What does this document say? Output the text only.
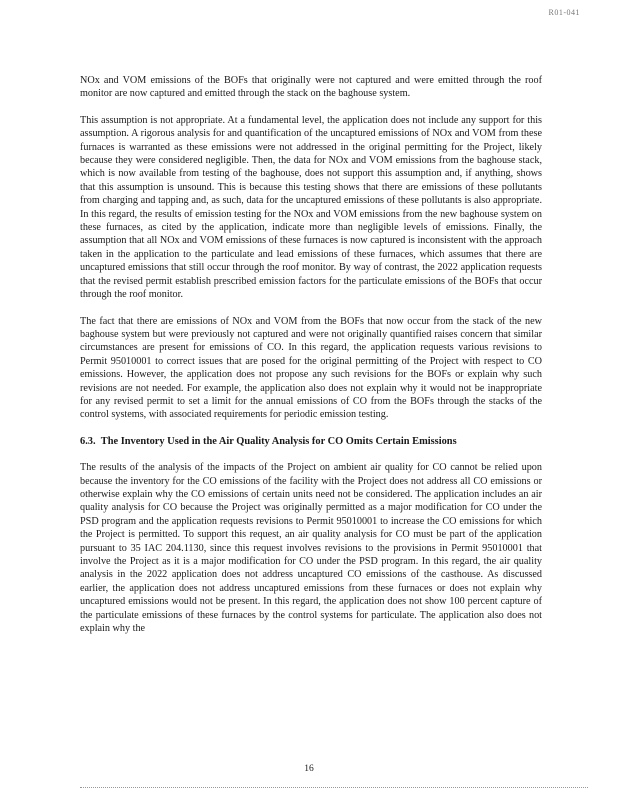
R01-041

NOx and VOM emissions of the BOFs that originally were not captured and were emitted through the roof monitor are now captured and emitted through the stack on the baghouse system.

This assumption is not appropriate. At a fundamental level, the application does not include any support for this assumption. A rigorous analysis for and quantification of the uncaptured emissions of NOx and VOM from these furnaces is warranted as these emissions were not addressed in the original permitting for the Project, likely because they were considered negligible. Then, the data for NOx and VOM emissions from the baghouse stack, which is now available from testing of the baghouse, does not support this assumption and, if anything, shows that this assumption is unsound. This is because this testing shows that there are emissions of these pollutants from charging and tapping and, as such, data for the uncaptured emissions of these pollutants is also appropriate. In this regard, the results of emission testing for the NOx and VOM emissions from the new baghouse system on these furnaces, as cited by the application, indicate more than negligible levels of emissions. Finally, the assumption that all NOx and VOM emissions of these furnaces is now captured is inconsistent with the approach taken in the application to the particulate and lead emissions of these furnaces, which assumes that there are uncaptured emissions that still occur through the roof monitor. By way of contrast, the 2022 application requests that the revised permit establish prescribed emission factors for the particulate emissions of the BOFs that occur through the roof monitor.

The fact that there are emissions of NOx and VOM from the BOFs that now occur from the stack of the new baghouse system but were previously not captured and were not originally quantified raises concern that similar circumstances are present for emissions of CO. In this regard, the application requests various revisions to Permit 95010001 to correct issues that are posed for the original permitting of the Project with respect to CO emissions. However, the application does not propose any such revisions for the BOFs or explain why such revisions are not needed. For example, the application also does not explain why it would not be inappropriate for any revised permit to set a limit for the annual emissions of CO from the BOFs through the stacks of the control systems, with associated requirements for periodic emission testing.

6.3. The Inventory Used in the Air Quality Analysis for CO Omits Certain Emissions

The results of the analysis of the impacts of the Project on ambient air quality for CO cannot be relied upon because the inventory for the CO emissions of the facility with the Project does not address all CO emissions or otherwise explain why the CO emissions of certain units need not be considered. The application includes an air quality analysis for CO because the Project was originally permitted as a major modification for CO under the PSD program and the application requests revisions to Permit 95010001 to increase the CO emissions for which the Project is permitted. To support this request, an air quality analysis for CO must be part of the application pursuant to 35 IAC 204.1130, since this request involves revisions to the provisions in Permit 95010001 that involve the Project as it is a major modification for CO under the PSD program. In this regard, the air quality analysis in the 2022 application does not address uncaptured CO emissions of the casthouse. As discussed earlier, the application does not address uncaptured emissions from these furnaces or does not explain why uncaptured emissions would not be present. In this regard, the application does not show 100 percent capture of the particulate emissions of these furnaces by the control systems for particulate. The application also does not explain why the

16
